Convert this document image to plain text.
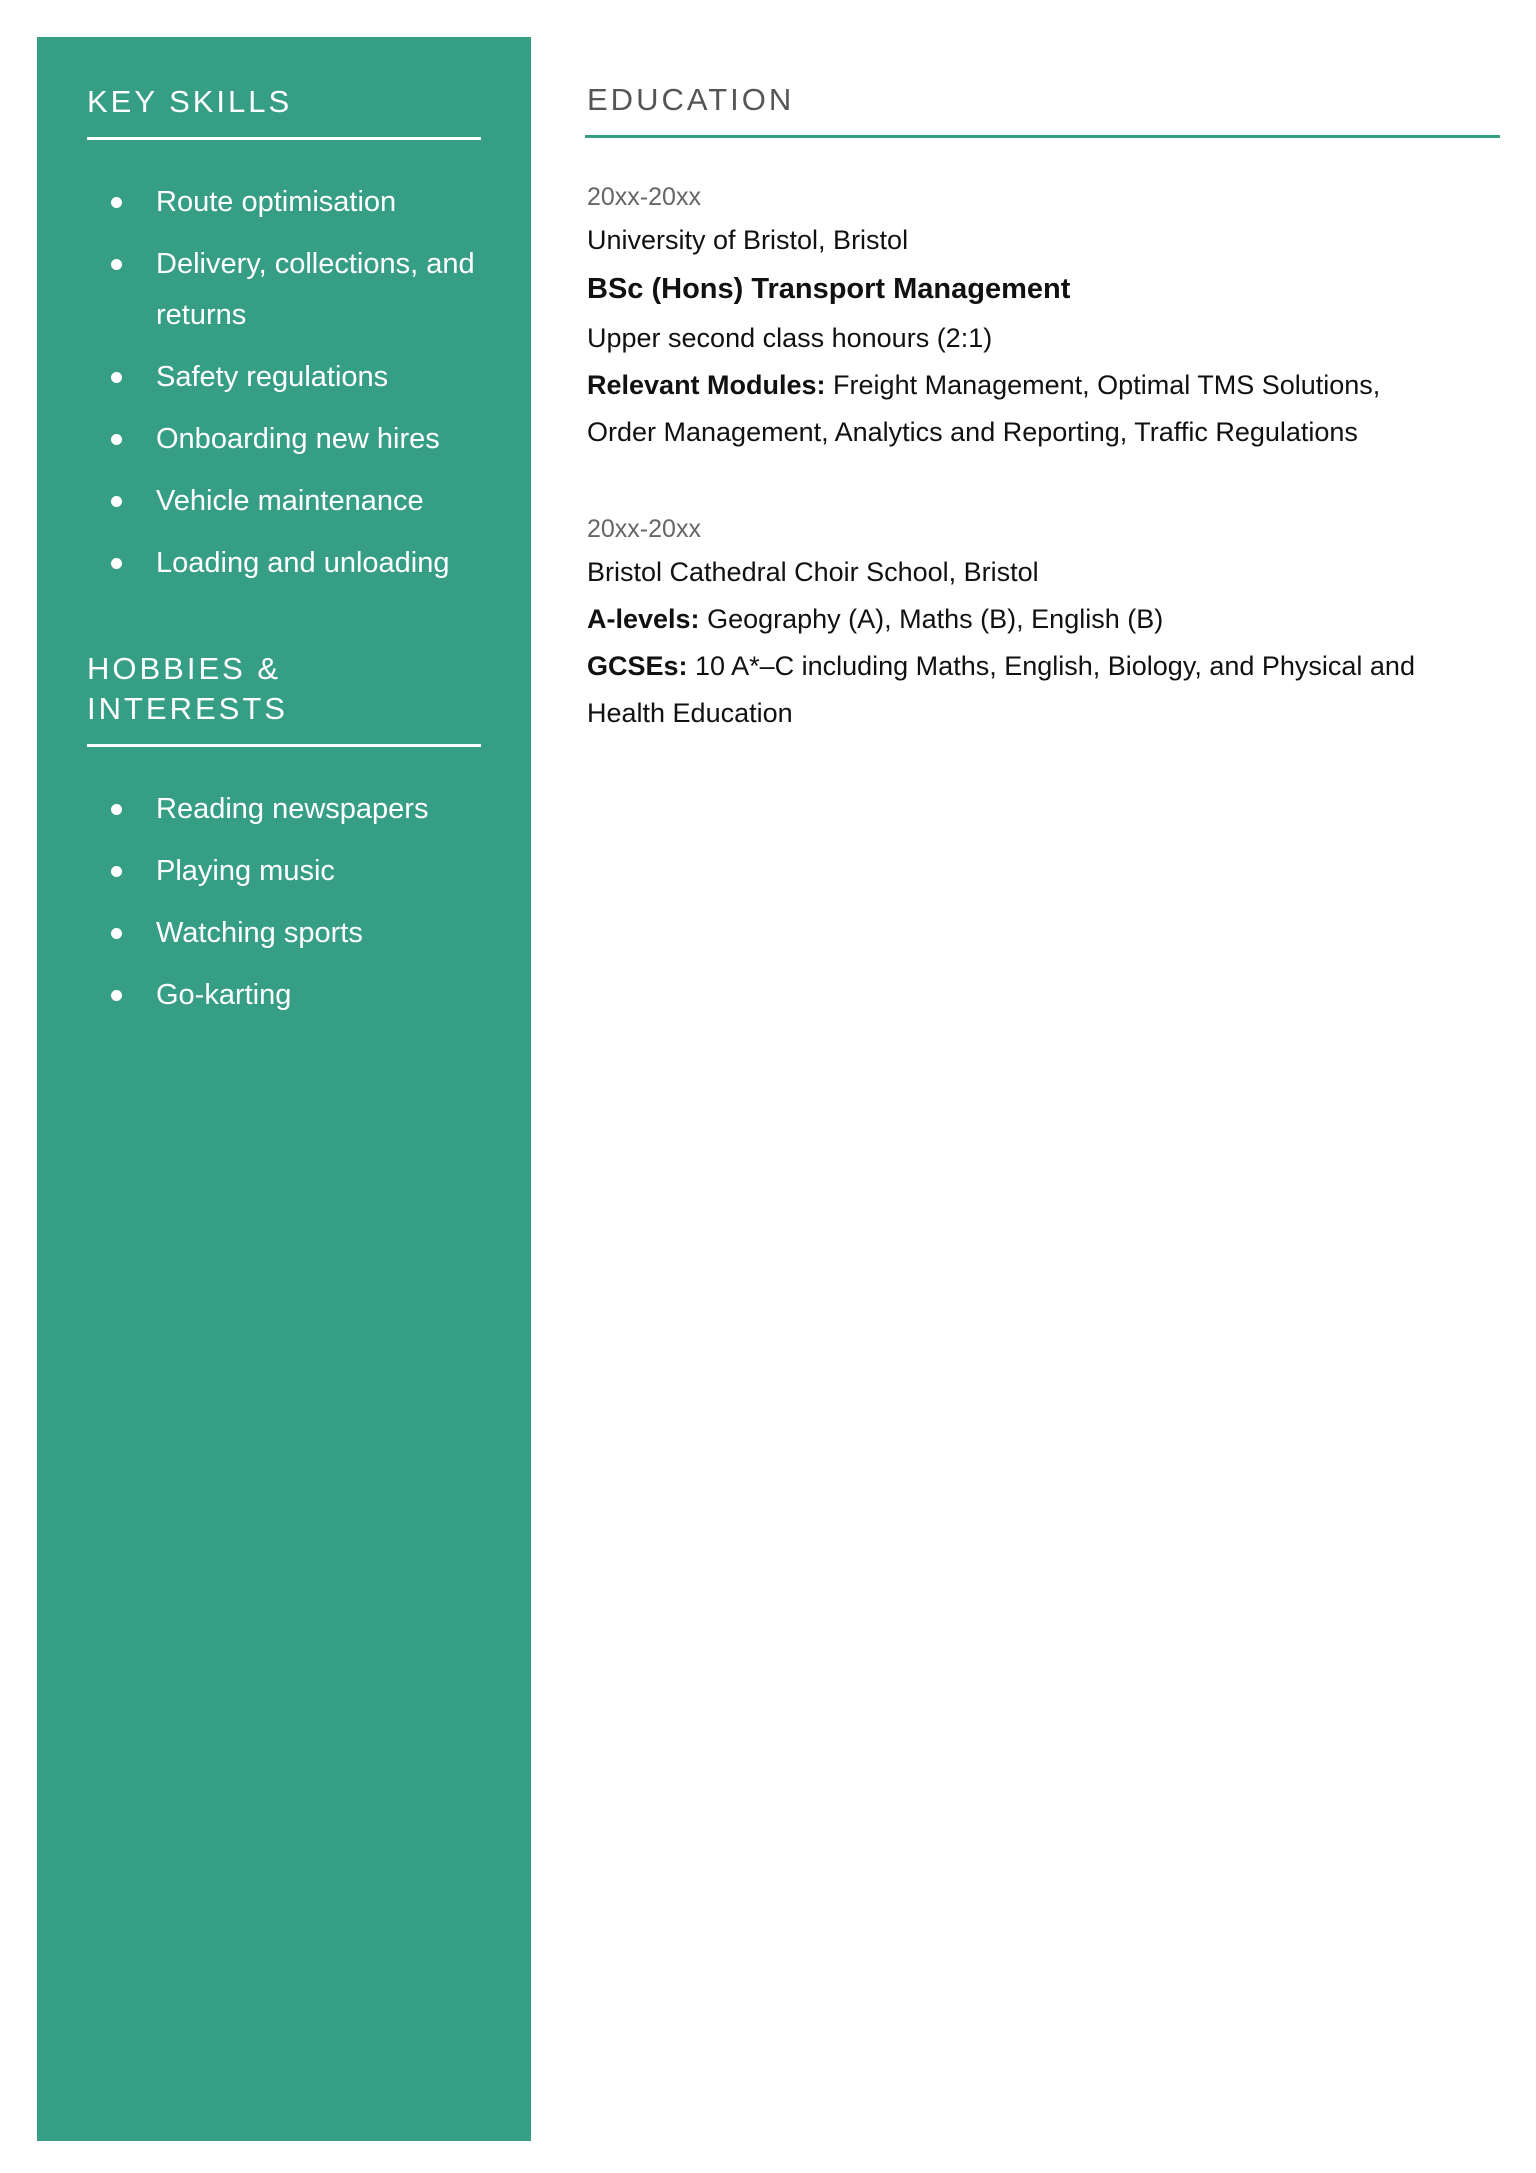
KEY SKILLS
Route optimisation
Delivery, collections, and returns
Safety regulations
Onboarding new hires
Vehicle maintenance
Loading and unloading
HOBBIES & INTERESTS
Reading newspapers
Playing music
Watching sports
Go-karting
EDUCATION
20xx-20xx
University of Bristol, Bristol
BSc (Hons) Transport Management
Upper second class honours (2:1)
Relevant Modules: Freight Management, Optimal TMS Solutions,
Order Management, Analytics and Reporting, Traffic Regulations
20xx-20xx
Bristol Cathedral Choir School, Bristol
A-levels: Geography (A), Maths (B), English (B)
GCSEs: 10 A*–C including Maths, English, Biology, and Physical and
Health Education
